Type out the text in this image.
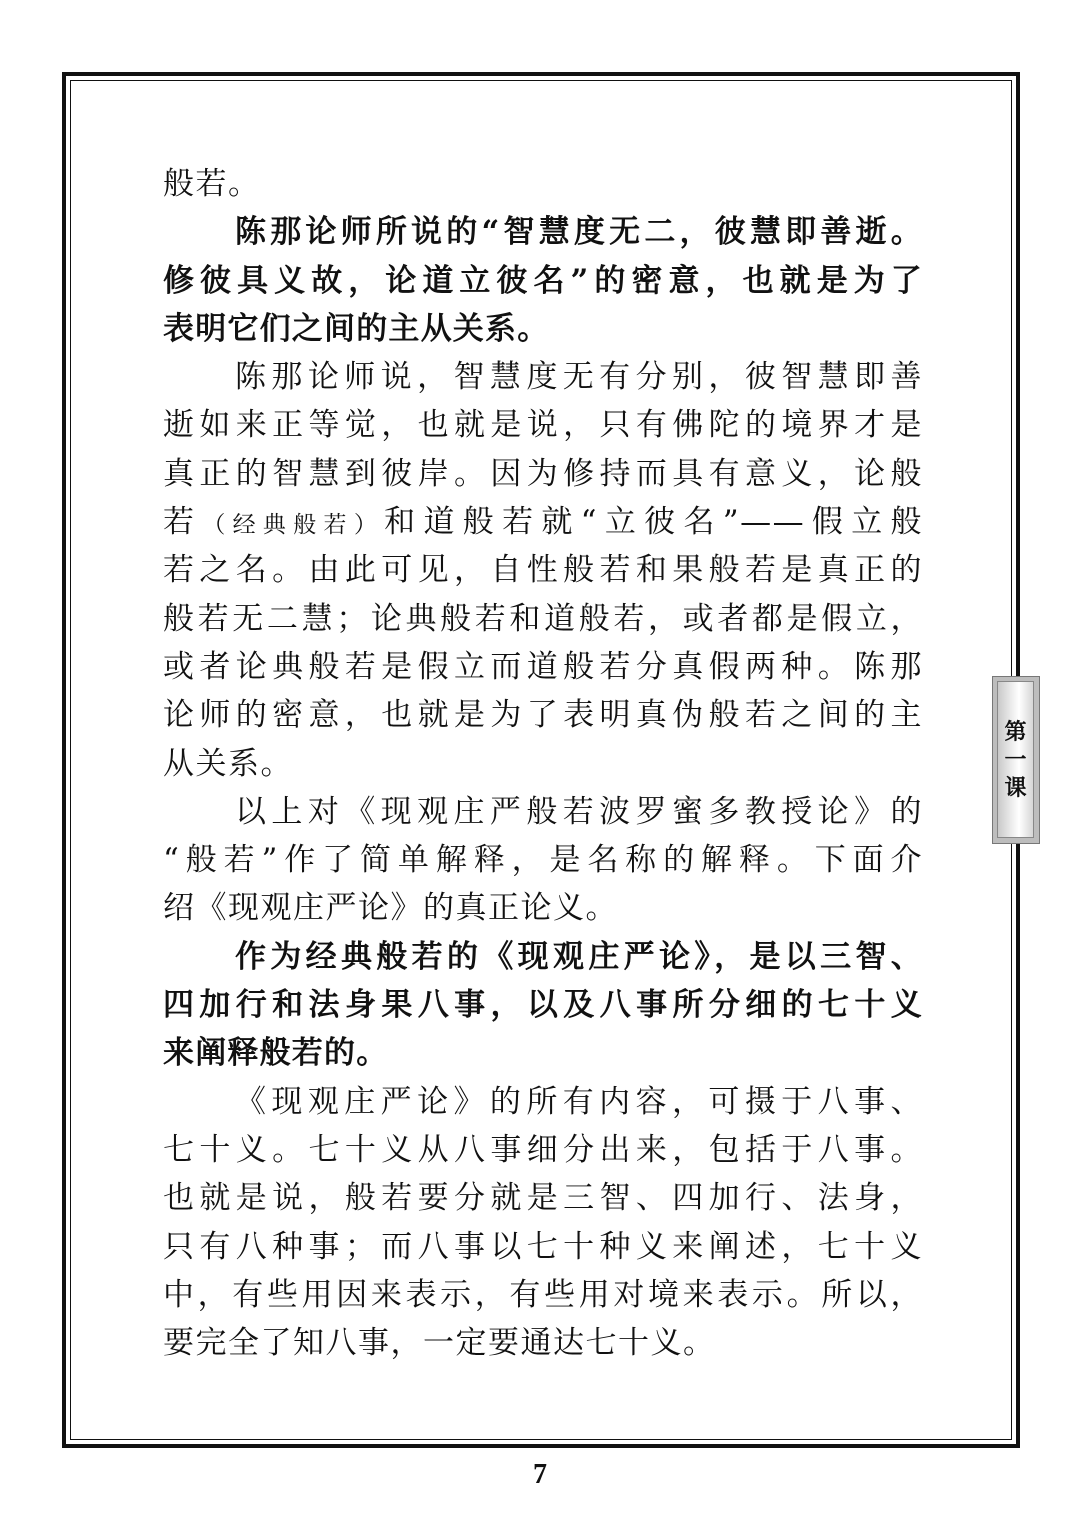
般若。
陈那论师所说的“智慧度无二，彼慧即善逝。
修彼具义故，论道立彼名”的密意，也就是为了
表明它们之间的主从关系。
陈那论师说，智慧度无有分别，彼智慧即善
逝如来正等觉，也就是说，只有佛陀的境界才是
真正的智慧到彼岸。因为修持而具有意义，论般
若（经典般若）和道般若就“立彼名”——假立般
若之名。由此可见，自性般若和果般若是真正的
般若无二慧；论典般若和道般若，或者都是假立，
或者论典般若是假立而道般若分真假两种。陈那
论师的密意，也就是为了表明真伪般若之间的主
从关系。
以上对《现观庄严般若波罗蜜多教授论》的
“般若”作了简单解释，是名称的解释。下面介
绍《现观庄严论》的真正论义。
作为经典般若的《现观庄严论》，是以三智、
四加行和法身果八事，以及八事所分细的七十义
来阐释般若的。
《现观庄严论》的所有内容，可摄于八事、
七十义。七十义从八事细分出来，包括于八事。
也就是说，般若要分就是三智、四加行、法身，
只有八种事；而八事以七十种义来阐述，七十义
中，有些用因来表示，有些用对境来表示。所以，
要完全了知八事，一定要通达七十义。
第
一
课
7
